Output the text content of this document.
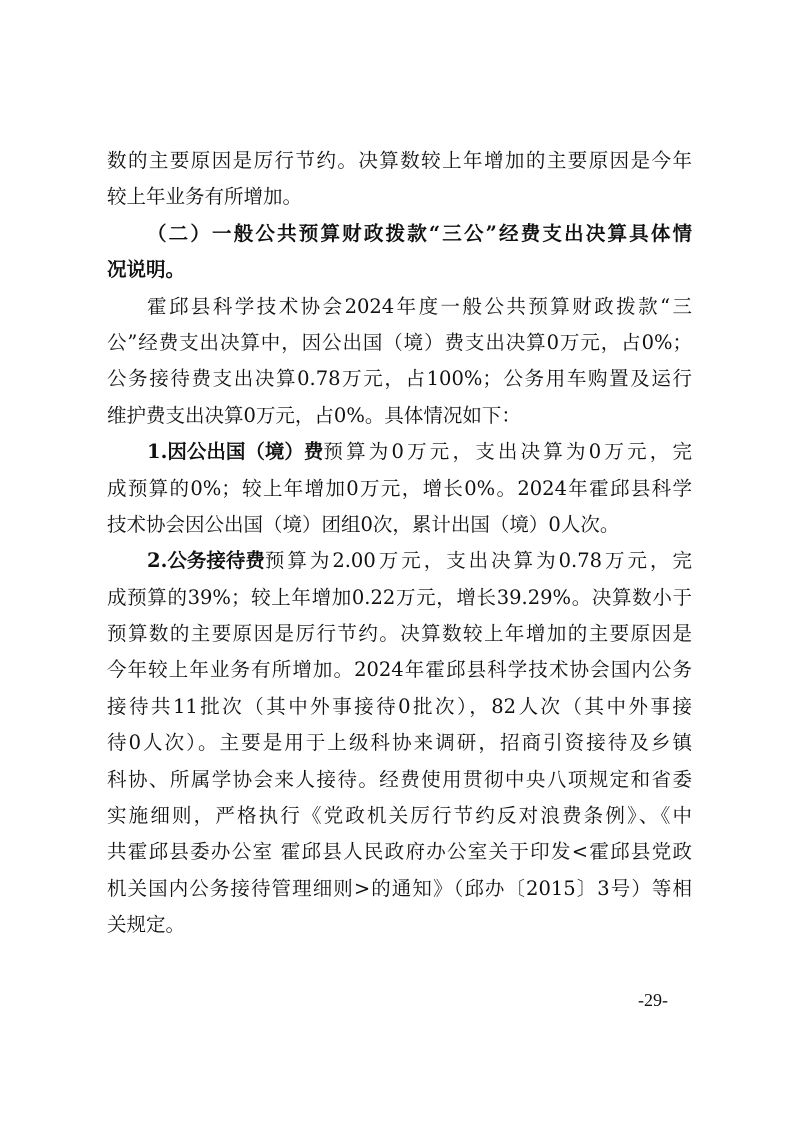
数的主要原因是厉行节约。决算数较上年增加的主要原因是今年
较上年业务有所增加。
（二）一般公共预算财政拨款“三公”经费支出决算具体情
况说明。
霍邱县科学技术协会2024年度一般公共预算财政拨款“三
公”经费支出决算中，因公出国（境）费支出决算0万元，占0%；
公务接待费支出决算0.78万元，占100%；公务用车购置及运行
维护费支出决算0万元，占0%。具体情况如下：
1.因公出国（境）费 预算为0万元，支出决算为0万元，完
成预算的0%；较上年增加0万元，增长0%。2024年霍邱县科学
技术协会因公出国（境）团组0次，累计出国（境）0人次。
2.公务接待费 预算为2.00万元，支出决算为0.78万元，完
成预算的39%；较上年增加0.22万元，增长39.29%。决算数小于
预算数的主要原因是厉行节约。决算数较上年增加的主要原因是
今年较上年业务有所增加。2024年霍邱县科学技术协会国内公务
接待共11批次（其中外事接待0批次），82人次（其中外事接
待0人次）。主要是用于上级科协来调研，招商引资接待及乡镇
科协、所属学协会来人接待。经费使用贯彻中央八项规定和省委
实施细则，严格执行《党政机关厉行节约反对浪费条例》、《中
共霍邱县委办公室 霍邱县人民政府办公室关于印发<霍邱县党政
机关国内公务接待管理细则>的通知》（邱办〔2015〕3号）等相
关规定。
-29-
